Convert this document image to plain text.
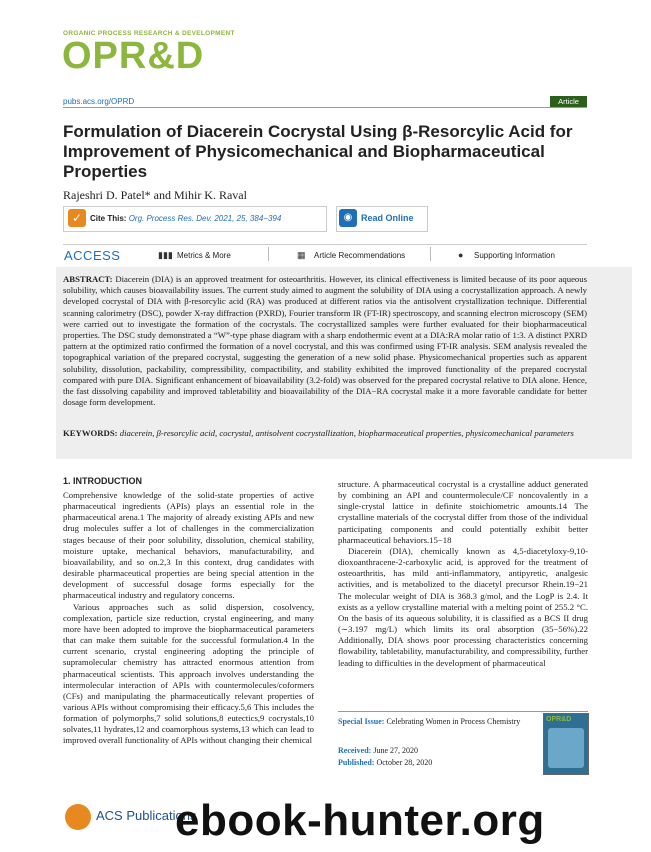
ORGANIC PROCESS RESEARCH & DEVELOPMENT
OPR&D
pubs.acs.org/OPRD	Article
Formulation of Diacerein Cocrystal Using β-Resorcylic Acid for Improvement of Physicomechanical and Biopharmaceutical Properties
Rajeshri D. Patel* and Mihir K. Raval
✓ Cite This: Org. Process Res. Dev. 2021, 25, 384−394	◉ Read Online
ACCESS	▮▮▮ Metrics & More	▦ Article Recommendations	● Supporting Information
ABSTRACT: Diacerein (DIA) is an approved treatment for osteoarthritis. However, its clinical effectiveness is limited because of its poor aqueous solubility, which causes bioavailability issues. The current study aimed to augment the solubility of DIA using a cocrystallization approach. A newly developed cocrystal of DIA with β-resorcylic acid (RA) was produced at different ratios via the antisolvent crystallization technique. Differential scanning calorimetry (DSC), powder X-ray diffraction (PXRD), Fourier transform IR (FT-IR) spectroscopy, and scanning electron microscopy (SEM) were carried out to investigate the formation of the cocrystals. The cocrystallized samples were further evaluated for their biopharmaceutical properties. The DSC study demonstrated a “W”-type phase diagram with a sharp endothermic event at a DIA:RA molar ratio of 1:3. A distinct PXRD pattern at the optimized ratio confirmed the formation of a novel cocrystal, and this was confirmed using FT-IR analysis. SEM analysis revealed the topographical variation of the prepared cocrystal, suggesting the generation of a new solid phase. Physicomechanical properties such as apparent solubility, dissolution, packability, compressibility, compactibility, and stability exhibited the improved functionality of the prepared cocrystal compared with pure DIA. Significant enhancement of bioavailability (3.2-fold) was observed for the prepared cocrystal relative to DIA alone. Hence, the fast dissolving capability and improved tabletability and bioavailability of the DIA−RA cocrystal make it a more favorable candidate for better dosage form development.
KEYWORDS: diacerein, β-resorcylic acid, cocrystal, antisolvent cocrystallization, biopharmaceutical properties, physicomechanical parameters
1. INTRODUCTION

Comprehensive knowledge of the solid-state properties of active pharmaceutical ingredients (APIs) plays an essential role in the pharmaceutical arena.1 The majority of already existing APIs and new drug molecules suffer a lot of challenges in the commercialization stages because of their poor solubility, dissolution, chemical stability, moisture uptake, mechanical behaviors, manufacturability, and bioavailability, and so on.2,3 In this context, drug candidates with desirable pharmaceutical properties are being special attention in the development of successful dosage forms especially for the pharmaceutical industry and regulatory concerns.

Various approaches such as solid dispersion, cosolvency, complexation, particle size reduction, crystal engineering, and many more have been adopted to improve the biopharmaceutical parameters that can make them suitable for the successful formulation.4 In the current scenario, crystal engineering adopting the principle of supramolecular chemistry has attracted enormous attention from pharmaceutical scientists. This approach involves understanding the intermolecular interaction of APIs with countermolecules/coformers (CFs) and manipulating the pharmaceutically relevant properties of various APIs without compromising their efficacy.5,6 This includes the formation of polymorphs,7 solid solutions,8 eutectics,9 cocrystals,10 solvates,11 hydrates,12 and coamorphous systems,13 which can lead to improved overall functionality of APIs without changing their chemical

structure. A pharmaceutical cocrystal is a crystalline adduct generated by combining an API and countermolecule/CF noncovalently in a single-crystal lattice in definite stoichiometric amounts.14 The crystalline materials of the cocrystal differ from those of the individual participating components and could potentially exhibit better pharmaceutical behaviors.15−18

Diacerein (DIA), chemically known as 4,5-diacetyloxy-9,10-dioxoanthracene-2-carboxylic acid, is approved for the treatment of osteoarthritis, has mild anti-inflammatory, antipyretic, analgesic activities, and is metabolized to the diacetyl precursor Rhein.19−21 The molecular weight of DIA is 368.3 g/mol, and the LogP is 2.4. It exists as a yellow crystalline material with a melting point of 255.2 °C. On the basis of its aqueous solubility, it is classified as a BCS II drug (∼3.197 mg/L) which limits its oral absorption (35−56%).22 Additionally, DIA shows poor processing characteristics concerning flowability, tabletability, manufacturability, and compressibility, further leading to difficulties in the development of pharmaceutical

Special Issue: Celebrating Women in Process Chemistry
Received: June 27, 2020
Published: October 28, 2020
OPR&D
ACS Publications
ebook-hunter.org
